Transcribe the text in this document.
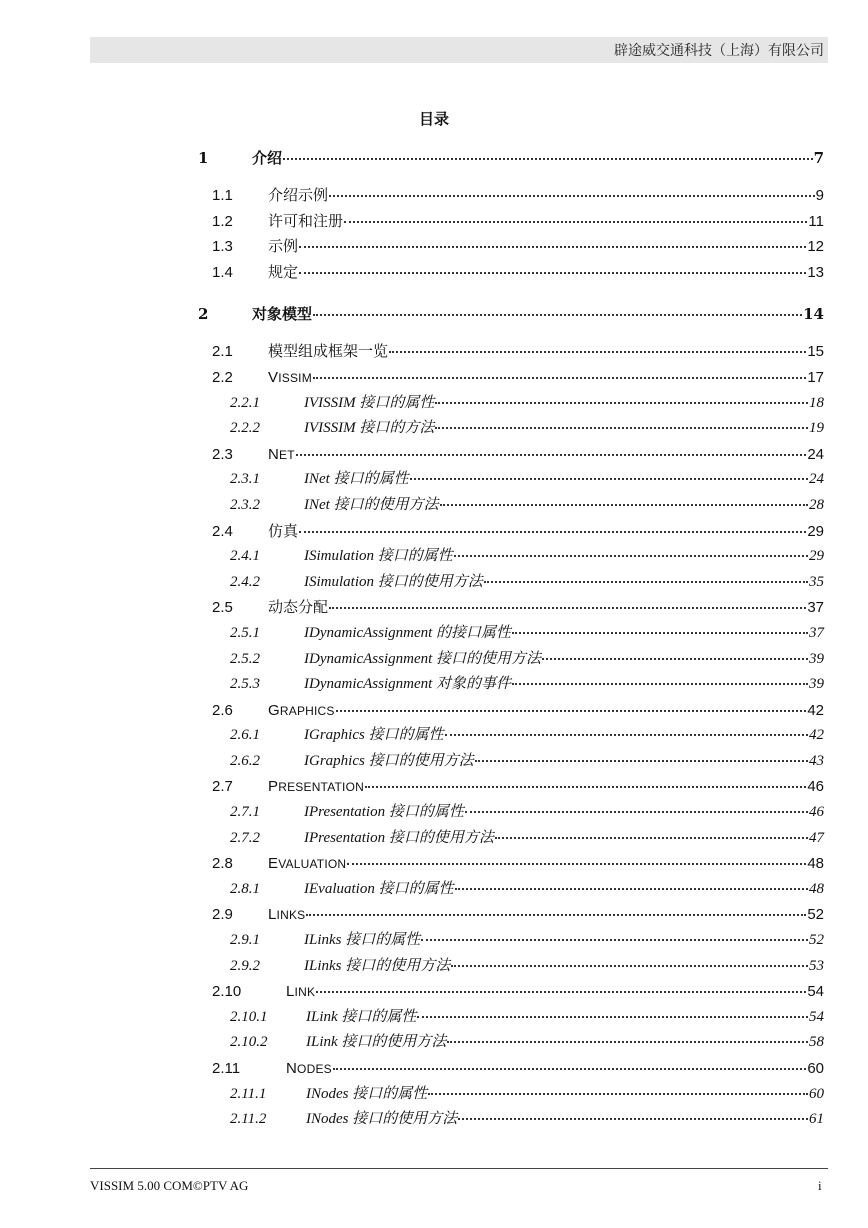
辟途威交通科技（上海）有限公司
目录
1	介绍	7
1.1	介绍示例	9
1.2	许可和注册	11
1.3	示例	12
1.4	规定	13
2	对象模型	14
2.1	模型组成框架一览	15
2.2	VISSIM	17
2.2.1	IVISSIM 接口的属性	18
2.2.2	IVISSIM 接口的方法	19
2.3	NET	24
2.3.1	INet 接口的属性	24
2.3.2	INet 接口的使用方法	28
2.4	仿真	29
2.4.1	ISimulation 接口的属性	29
2.4.2	ISimulation 接口的使用方法	35
2.5	动态分配	37
2.5.1	IDynamicAssignment 的接口属性	37
2.5.2	IDynamicAssignment 接口的使用方法	39
2.5.3	IDynamicAssignment 对象的事件	39
2.6	GRAPHICS	42
2.6.1	IGraphics 接口的属性	42
2.6.2	IGraphics 接口的使用方法	43
2.7	PRESENTATION	46
2.7.1	IPresentation 接口的属性	46
2.7.2	IPresentation 接口的使用方法	47
2.8	EVALUATION	48
2.8.1	IEvaluation 接口的属性	48
2.9	LINKS	52
2.9.1	ILinks 接口的属性	52
2.9.2	ILinks 接口的使用方法	53
2.10	LINK	54
2.10.1	ILink 接口的属性	54
2.10.2	ILink 接口的使用方法	58
2.11	NODES	60
2.11.1	INodes 接口的属性	60
2.11.2	INodes 接口的使用方法	61
VISSIM 5.00 COM©PTV AG	i
